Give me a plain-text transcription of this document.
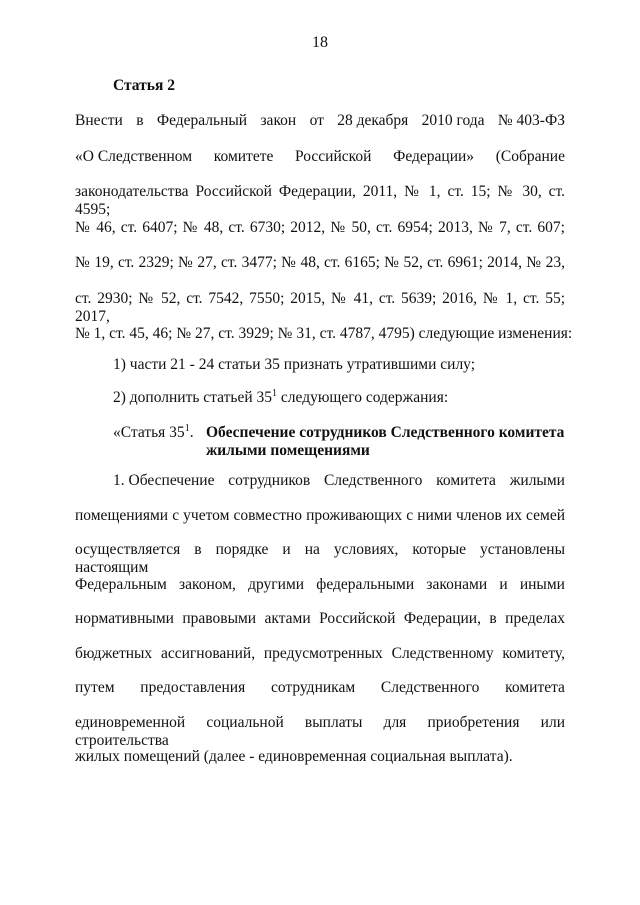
18
Статья 2
Внести в Федеральный закон от 28 декабря 2010 года № 403-ФЗ
«О Следственном комитете Российской Федерации» (Собрание
законодательства Российской Федерации, 2011, № 1, ст. 15; № 30, ст. 4595;
№ 46, ст. 6407; № 48, ст. 6730; 2012, № 50, ст. 6954; 2013, № 7, ст. 607;
№ 19, ст. 2329; № 27, ст. 3477; № 48, ст. 6165; № 52, ст. 6961; 2014, № 23,
ст. 2930; № 52, ст. 7542, 7550; 2015, № 41, ст. 5639; 2016, № 1, ст. 55; 2017,
№ 1, ст. 45, 46; № 27, ст. 3929; № 31, ст. 4787, 4795) следующие изменения:
1) части 21 - 24 статьи 35 признать утратившими силу;
2) дополнить статьей $35^1$ следующего содержания:
«Статья $35^1$. Обеспечение сотрудников Следственного комитета
жилыми помещениями
1. Обеспечение сотрудников Следственного комитета жилыми
помещениями с учетом совместно проживающих с ними членов их семей
осуществляется в порядке и на условиях, которые установлены настоящим
Федеральным законом, другими федеральными законами и иными
нормативными правовыми актами Российской Федерации, в пределах
бюджетных ассигнований, предусмотренных Следственному комитету,
путем предоставления сотрудникам Следственного комитета
единовременной социальной выплаты для приобретения или строительства
жилых помещений (далее - единовременная социальная выплата).
